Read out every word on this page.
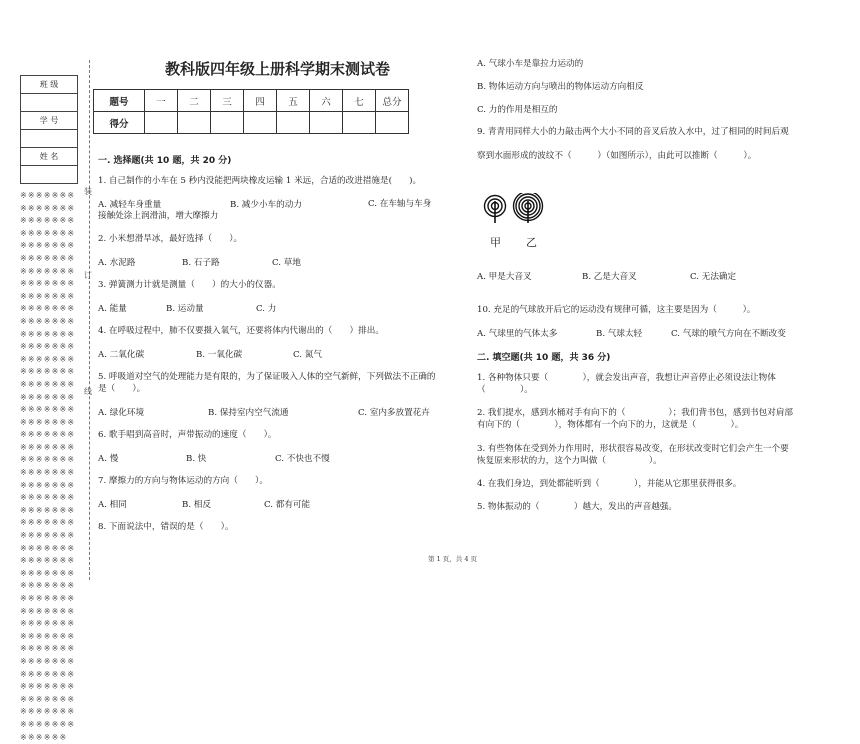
班 级

学 号

姓 名

※※※※※※※※※※※※※※※※※※※※※※※※※※※※※※※※※※※※※※※※※※※※※※※※※※※※※※※※※※※※※※※※※※※※※※※※※※※※※※※※※※※※※※※※※※※※※※※※※※※※※※※※※※※※※※※※※※※※※※※※※※※※※※※※※※※※※※※※※※※※※※※※※※※※※※※※※※※※※※※※※※※※※※※※※※※※※※※※※※※※※※※※※※※※※※※※※※※※※※※※※※※※※※※※※※※※※※※※※※※※※※※※※※※※※※※※※※※※※※※※※※※※※※※※※※※※※※※※※※※※※※※※※※※※※※※※※※※※※※※※※※※※※※※※※※※※※※※※※※※※※※※※※※※
装
订
线
教科版四年级上册科学期末测试卷
题号	一	二	三	四	五	六	七	总分
得分								
一. 选择题(共 10 题，共 20 分)
1. 自己制作的小车在 5 秒内没能把两块橡皮运输 1 米远，合适的改进措施是(　　)。
A. 减轻车身重量	B. 减少小车的动力	C. 在车轴与车身接触处涂上润滑油，增大摩擦力
2. 小米想滑旱冰，最好选择（　　）。
A. 水泥路	B. 石子路	C. 草地
3. 弹簧测力计就是测量（　　）的大小的仪器。
A. 能量	B. 运动量	C. 力
4. 在呼吸过程中，肺不仅要摄入氧气，还要将体内代谢出的（　　）排出。
A. 二氧化碳	B. 一氧化碳	C. 氮气
5. 呼吸道对空气的处理能力是有限的，为了保证吸入人体的空气新鲜，下列做法不正确的是（　　）。
A. 绿化环境	B. 保持室内空气流通	C. 室内多放置花卉
6. 歌手唱到高音时，声带振动的速度（　　）。
A. 慢	B. 快	C. 不快也不慢
7. 摩擦力的方向与物体运动的方向（　　）。
A. 相同	B. 相反	C. 都有可能
8. 下面说法中，错误的是（　　）。
A. 气球小车是靠拉力运动的
B. 物体运动方向与喷出的物体运动方向相反
C. 力的作用是相互的
9. 青青用同样大小的力敲击两个大小不同的音叉后放入水中，过了相同的时间后观
察到水面形成的波纹不（　　　）（如图所示），由此可以推断（　　　）。
甲 乙
A. 甲是大音叉	B. 乙是大音叉	C. 无法确定
10. 充足的气球放开后它的运动没有规律可循，这主要是因为（　　　）。
A. 气球里的气体太多	B. 气球太轻	C. 气球的喷气方向在不断改变
二. 填空题(共 10 题，共 36 分)
1. 各种物体只要（　　　　），就会发出声音，我想让声音停止必须设法让物体
（　　　　）。
2. 我们提水，感到水桶对手有向下的（　　　　　）；我们背书包，感到书包对肩部
有向下的（　　　　），物体都有一个向下的力，这就是（　　　　）。
3. 有些物体在受到外力作用时，形状很容易改变，在形状改变时它们会产生一个要
恢复原来形状的力，这个力叫做（　　　　　）。
4. 在我们身边，到处都能听到（　　　　），并能从它那里获得很多。
5. 物体振动的（　　　　）越大，发出的声音越强。
第 1 页，共 4 页
